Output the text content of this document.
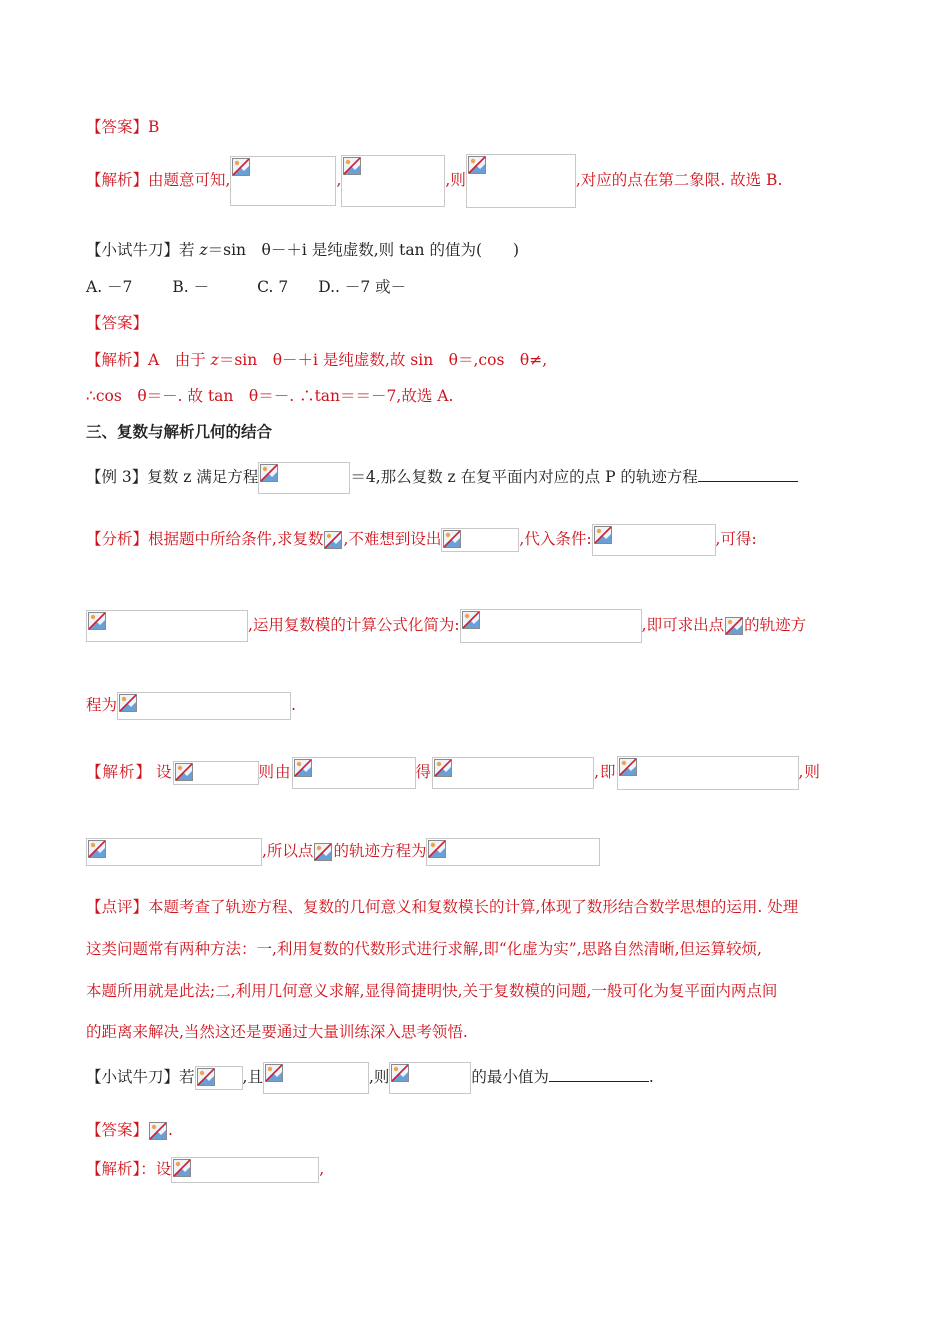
【答案】B
【解析】由题意可知,	,	,则	,对应的点在第二象限. 故选 B.
【小试牛刀】若 z＝sin　θ－＋i 是纯虚数,则 tan 的值为(　　)
A. －7	B. －	C. 7 D.. －7 或－
【答案】
【解析】A　由于 z＝sin　θ－＋i 是纯虚数,故 sin　θ＝,cos　θ≠,
∴cos　θ＝－. 故 tan　θ＝－. ∴tan＝＝－7,故选 A.
三、复数与解析几何的结合
【例 3】复数 z 满足方程	＝4,那么复数 z 在复平面内对应的点 P 的轨迹方程
【分析】根据题中所给条件,求复数 ,不难想到设出	,代入条件:	,可得:
,运用复数模的计算公式化简为:	,即可求出点 的轨迹方
程为	.
【解析】 设	则由	得	,即	,则
,所以点 的轨迹方程为
【点评】本题考查了轨迹方程、复数的几何意义和复数模长的计算,体现了数形结合数学思想的运用. 处理
这类问题常有两种方法：一,利用复数的代数形式进行求解,即“化虚为实”,思路自然清晰,但运算较烦,
本题所用就是此法;二,利用几何意义求解,显得简捷明快,关于复数模的问题,一般可化为复平面内两点间
的距离来解决,当然这还是要通过大量训练深入思考领悟.
【小试牛刀】若	,且	,则	的最小值为	.
【答案】 .
【解析】：设	,
